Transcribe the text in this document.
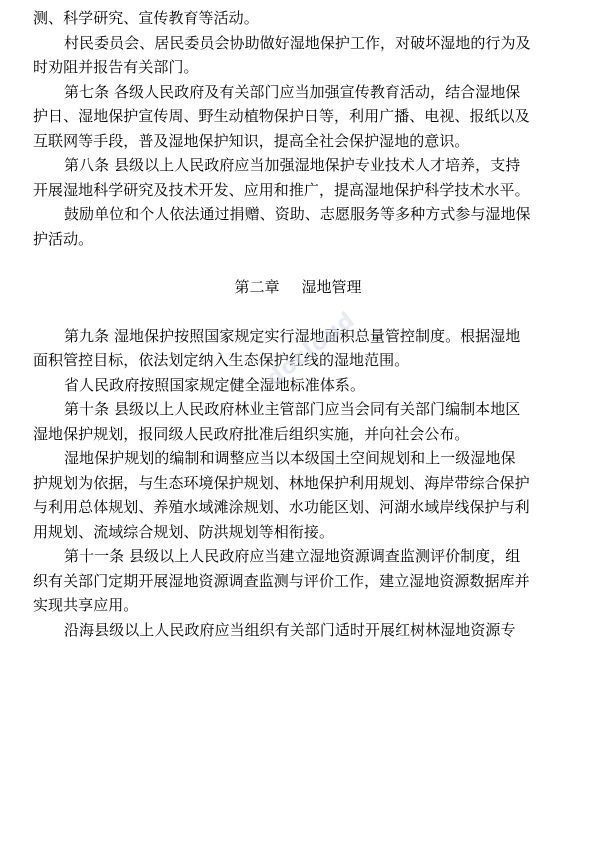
测、科学研究、宣传教育等活动。
村民委员会、居民委员会协助做好湿地保护工作，对破坏湿地的行为及
时劝阻并报告有关部门。
第七条 各级人民政府及有关部门应当加强宣传教育活动，结合湿地保
护日、湿地保护宣传周、野生动植物保护日等，利用广播、电视、报纸以及
互联网等手段，普及湿地保护知识，提高全社会保护湿地的意识。
第八条 县级以上人民政府应当加强湿地保护专业技术人才培养，支持
开展湿地科学研究及技术开发、应用和推广，提高湿地保护科学技术水平。
鼓励单位和个人依法通过捐赠、资助、志愿服务等多种方式参与湿地保
护活动。
第二章 湿地管理
第九条 湿地保护按照国家规定实行湿地面积总量管控制度。根据湿地
面积管控目标，依法划定纳入生态保护红线的湿地范围。
省人民政府按照国家规定健全湿地标准体系。
第十条 县级以上人民政府林业主管部门应当会同有关部门编制本地区
湿地保护规划，报同级人民政府批准后组织实施，并向社会公布。
湿地保护规划的编制和调整应当以本级国土空间规划和上一级湿地保
护规划为依据，与生态环境保护规划、林地保护利用规划、海岸带综合保护
与利用总体规划、养殖水域滩涂规划、水功能区划、河湖水域岸线保护与利
用规划、流域综合规划、防洪规划等相衔接。
第十一条 县级以上人民政府应当建立湿地资源调查监测评价制度，组
织有关部门定期开展湿地资源调查监测与评价工作，建立湿地资源数据库并
实现共享应用。
沿海县级以上人民政府应当组织有关部门适时开展红树林湿地资源专
docloud
